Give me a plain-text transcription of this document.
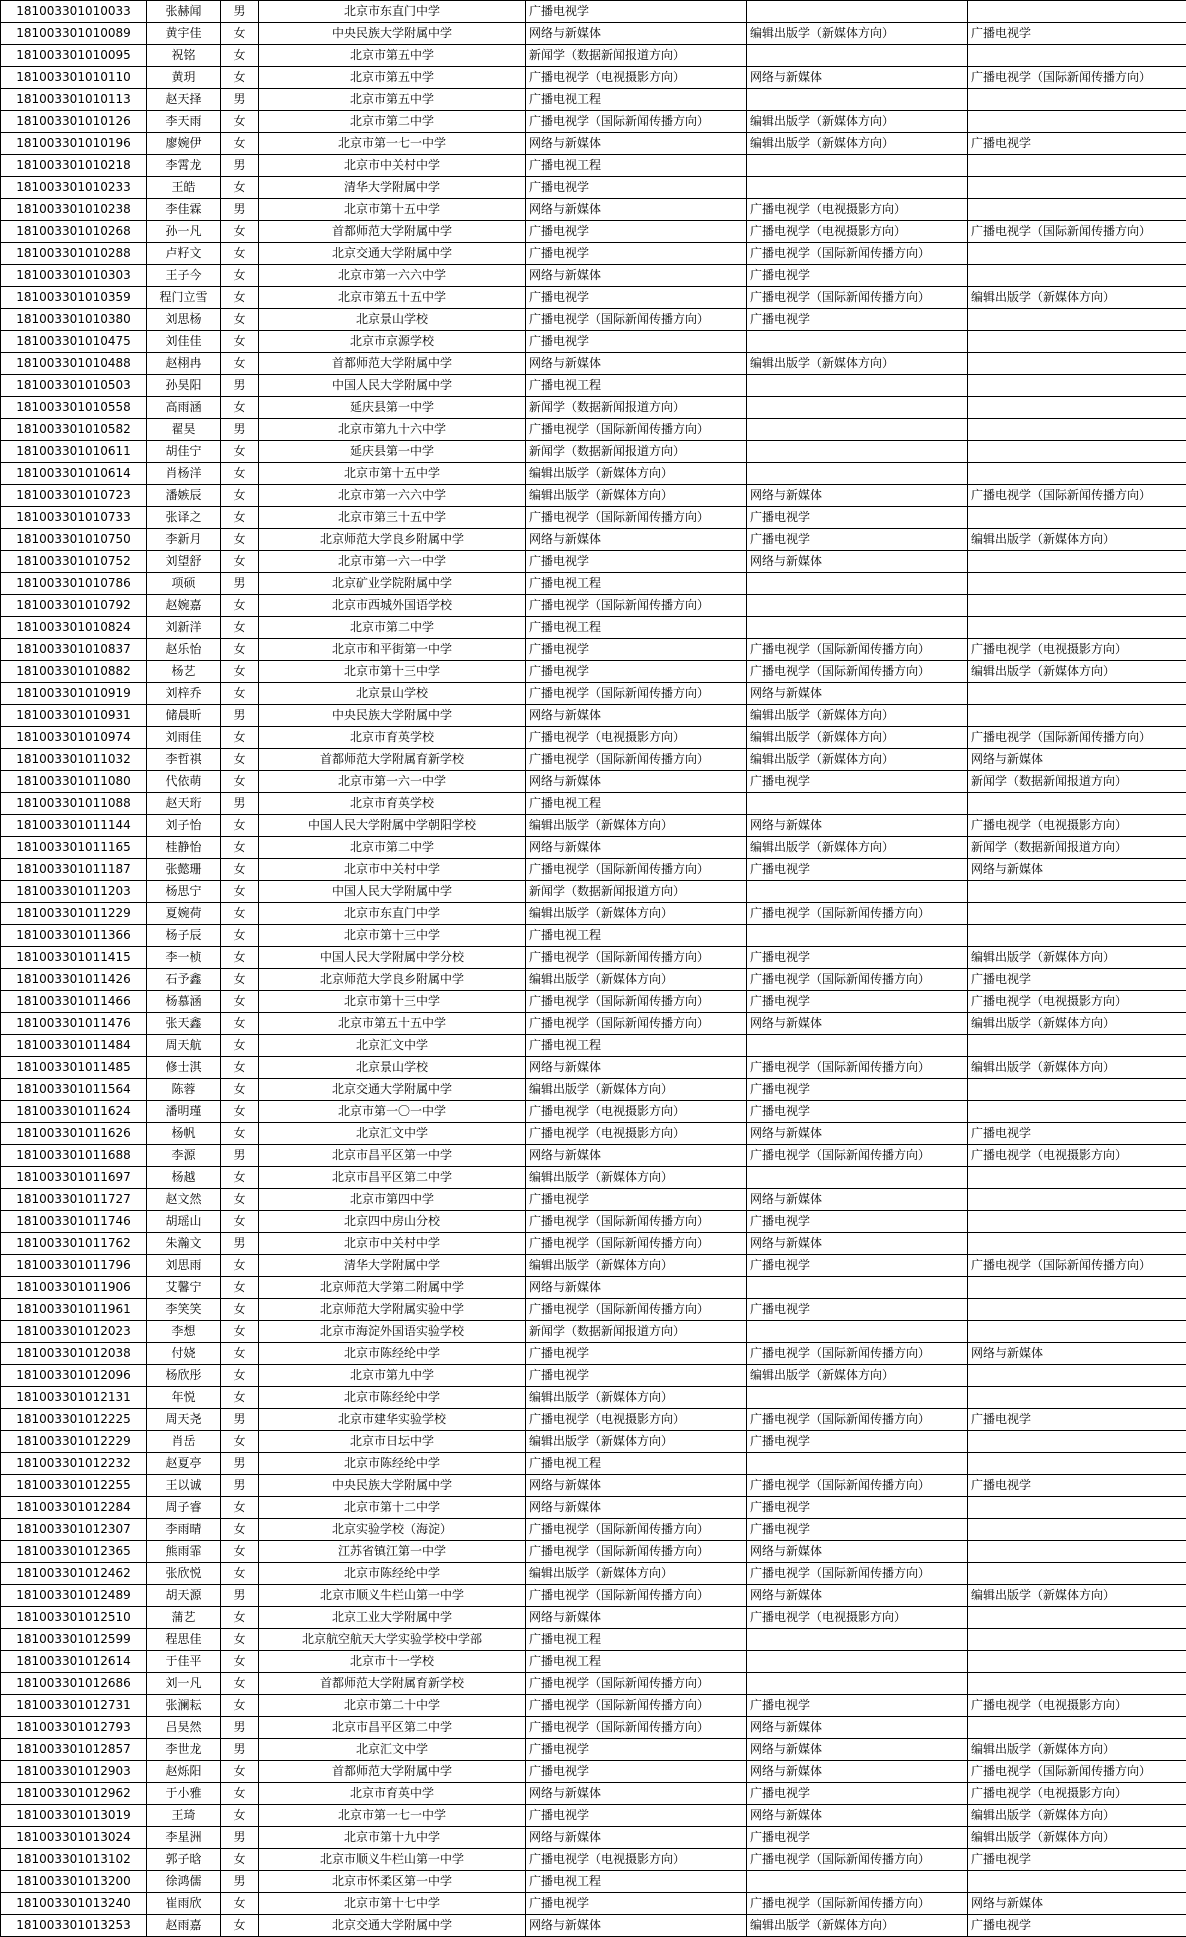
181003301010033	张赫闻	男	北京市东直门中学	广播电视学		
181003301010089	黄宇佳	女	中央民族大学附属中学	网络与新媒体	编辑出版学（新媒体方向）	广播电视学
181003301010095	祝铭	女	北京市第五中学	新闻学（数据新闻报道方向）		
181003301010110	黄玥	女	北京市第五中学	广播电视学（电视摄影方向）	网络与新媒体	广播电视学（国际新闻传播方向）
181003301010113	赵天择	男	北京市第五中学	广播电视工程		
181003301010126	李天雨	女	北京市第二中学	广播电视学（国际新闻传播方向）	编辑出版学（新媒体方向）	
181003301010196	廖婉伊	女	北京市第一七一中学	网络与新媒体	编辑出版学（新媒体方向）	广播电视学
181003301010218	李霄龙	男	北京市中关村中学	广播电视工程		
181003301010233	王皓	女	清华大学附属中学	广播电视学		
181003301010238	李佳霖	男	北京市第十五中学	网络与新媒体	广播电视学（电视摄影方向）	
181003301010268	孙一凡	女	首都师范大学附属中学	广播电视学	广播电视学（电视摄影方向）	广播电视学（国际新闻传播方向）
181003301010288	卢籽文	女	北京交通大学附属中学	广播电视学	广播电视学（国际新闻传播方向）	
181003301010303	王子今	女	北京市第一六六中学	网络与新媒体	广播电视学	
181003301010359	程门立雪	女	北京市第五十五中学	广播电视学	广播电视学（国际新闻传播方向）	编辑出版学（新媒体方向）
181003301010380	刘思杨	女	北京景山学校	广播电视学（国际新闻传播方向）	广播电视学	
181003301010475	刘佳佳	女	北京市京源学校	广播电视学		
181003301010488	赵栩冉	女	首都师范大学附属中学	网络与新媒体	编辑出版学（新媒体方向）	
181003301010503	孙昊阳	男	中国人民大学附属中学	广播电视工程		
181003301010558	高雨涵	女	延庆县第一中学	新闻学（数据新闻报道方向）		
181003301010582	翟昊	男	北京市第九十六中学	广播电视学（国际新闻传播方向）		
181003301010611	胡佳宁	女	延庆县第一中学	新闻学（数据新闻报道方向）		
181003301010614	肖杨洋	女	北京市第十五中学	编辑出版学（新媒体方向）		
181003301010723	潘嫉辰	女	北京市第一六六中学	编辑出版学（新媒体方向）	网络与新媒体	广播电视学（国际新闻传播方向）
181003301010733	张译之	女	北京市第三十五中学	广播电视学（国际新闻传播方向）	广播电视学	
181003301010750	李新月	女	北京师范大学良乡附属中学	网络与新媒体	广播电视学	编辑出版学（新媒体方向）
181003301010752	刘望舒	女	北京市第一六一中学	广播电视学	网络与新媒体	
181003301010786	项硕	男	北京矿业学院附属中学	广播电视工程		
181003301010792	赵婉嘉	女	北京市西城外国语学校	广播电视学（国际新闻传播方向）		
181003301010824	刘新洋	女	北京市第二中学	广播电视工程		
181003301010837	赵乐怡	女	北京市和平街第一中学	广播电视学	广播电视学（国际新闻传播方向）	广播电视学（电视摄影方向）
181003301010882	杨艺	女	北京市第十三中学	广播电视学	广播电视学（国际新闻传播方向）	编辑出版学（新媒体方向）
181003301010919	刘梓乔	女	北京景山学校	广播电视学（国际新闻传播方向）	网络与新媒体	
181003301010931	储晨昕	男	中央民族大学附属中学	网络与新媒体	编辑出版学（新媒体方向）	
181003301010974	刘雨佳	女	北京市育英学校	广播电视学（电视摄影方向）	编辑出版学（新媒体方向）	广播电视学（国际新闻传播方向）
181003301011032	李哲祺	女	首都师范大学附属育新学校	广播电视学（国际新闻传播方向）	编辑出版学（新媒体方向）	网络与新媒体
181003301011080	代依萌	女	北京市第一六一中学	网络与新媒体	广播电视学	新闻学（数据新闻报道方向）
181003301011088	赵天珩	男	北京市育英学校	广播电视工程		
181003301011144	刘子怡	女	中国人民大学附属中学朝阳学校	编辑出版学（新媒体方向）	网络与新媒体	广播电视学（电视摄影方向）
181003301011165	桂静怡	女	北京市第二中学	网络与新媒体	编辑出版学（新媒体方向）	新闻学（数据新闻报道方向）
181003301011187	张懿珊	女	北京市中关村中学	广播电视学（国际新闻传播方向）	广播电视学	网络与新媒体
181003301011203	杨思宁	女	中国人民大学附属中学	新闻学（数据新闻报道方向）		
181003301011229	夏婉荷	女	北京市东直门中学	编辑出版学（新媒体方向）	广播电视学（国际新闻传播方向）	
181003301011366	杨子辰	女	北京市第十三中学	广播电视工程		
181003301011415	李一桢	女	中国人民大学附属中学分校	广播电视学（国际新闻传播方向）	广播电视学	编辑出版学（新媒体方向）
181003301011426	石予鑫	女	北京师范大学良乡附属中学	编辑出版学（新媒体方向）	广播电视学（国际新闻传播方向）	广播电视学
181003301011466	杨慕涵	女	北京市第十三中学	广播电视学（国际新闻传播方向）	广播电视学	广播电视学（电视摄影方向）
181003301011476	张天鑫	女	北京市第五十五中学	广播电视学（国际新闻传播方向）	网络与新媒体	编辑出版学（新媒体方向）
181003301011484	周天航	女	北京汇文中学	广播电视工程		
181003301011485	修士淇	女	北京景山学校	网络与新媒体	广播电视学（国际新闻传播方向）	编辑出版学（新媒体方向）
181003301011564	陈蓉	女	北京交通大学附属中学	编辑出版学（新媒体方向）	广播电视学	
181003301011624	潘明瑾	女	北京市第一〇一中学	广播电视学（电视摄影方向）	广播电视学	
181003301011626	杨帆	女	北京汇文中学	广播电视学（电视摄影方向）	网络与新媒体	广播电视学
181003301011688	李源	男	北京市昌平区第一中学	网络与新媒体	广播电视学（国际新闻传播方向）	广播电视学（电视摄影方向）
181003301011697	杨越	女	北京市昌平区第二中学	编辑出版学（新媒体方向）		
181003301011727	赵文然	女	北京市第四中学	广播电视学	网络与新媒体	
181003301011746	胡瑶山	女	北京四中房山分校	广播电视学（国际新闻传播方向）	广播电视学	
181003301011762	朱瀚文	男	北京市中关村中学	广播电视学（国际新闻传播方向）	网络与新媒体	
181003301011796	刘思雨	女	清华大学附属中学	编辑出版学（新媒体方向）	广播电视学	广播电视学（国际新闻传播方向）
181003301011906	艾馨宁	女	北京师范大学第二附属中学	网络与新媒体		
181003301011961	李笑笑	女	北京师范大学附属实验中学	广播电视学（国际新闻传播方向）	广播电视学	
181003301012023	李想	女	北京市海淀外国语实验学校	新闻学（数据新闻报道方向）		
181003301012038	付娆	女	北京市陈经纶中学	广播电视学	广播电视学（国际新闻传播方向）	网络与新媒体
181003301012096	杨欣彤	女	北京市第九中学	广播电视学	编辑出版学（新媒体方向）	
181003301012131	年悦	女	北京市陈经纶中学	编辑出版学（新媒体方向）		
181003301012225	周天尧	男	北京市建华实验学校	广播电视学（电视摄影方向）	广播电视学（国际新闻传播方向）	广播电视学
181003301012229	肖岳	女	北京市日坛中学	编辑出版学（新媒体方向）	广播电视学	
181003301012232	赵夏亭	男	北京市陈经纶中学	广播电视工程		
181003301012255	王以诚	男	中央民族大学附属中学	网络与新媒体	广播电视学（国际新闻传播方向）	广播电视学
181003301012284	周子睿	女	北京市第十二中学	网络与新媒体	广播电视学	
181003301012307	李雨晴	女	北京实验学校（海淀）	广播电视学（国际新闻传播方向）	广播电视学	
181003301012365	熊雨霏	女	江苏省镇江第一中学	广播电视学（国际新闻传播方向）	网络与新媒体	
181003301012462	张欣悦	女	北京市陈经纶中学	编辑出版学（新媒体方向）	广播电视学（国际新闻传播方向）	
181003301012489	胡天源	男	北京市顺义牛栏山第一中学	广播电视学（国际新闻传播方向）	网络与新媒体	编辑出版学（新媒体方向）
181003301012510	蒲艺	女	北京工业大学附属中学	网络与新媒体	广播电视学（电视摄影方向）	
181003301012599	程思佳	女	北京航空航天大学实验学校中学部	广播电视工程		
181003301012614	于佳平	女	北京市十一学校	广播电视工程		
181003301012686	刘一凡	女	首都师范大学附属育新学校	广播电视学（国际新闻传播方向）		
181003301012731	张澜耘	女	北京市第二十中学	广播电视学（国际新闻传播方向）	广播电视学	广播电视学（电视摄影方向）
181003301012793	吕昊然	男	北京市昌平区第二中学	广播电视学（国际新闻传播方向）	网络与新媒体	
181003301012857	李世龙	男	北京汇文中学	广播电视学	网络与新媒体	编辑出版学（新媒体方向）
181003301012903	赵烁阳	女	首都师范大学附属中学	广播电视学	网络与新媒体	广播电视学（国际新闻传播方向）
181003301012962	于小雅	女	北京市育英中学	网络与新媒体	广播电视学	广播电视学（电视摄影方向）
181003301013019	王琦	女	北京市第一七一中学	广播电视学	网络与新媒体	编辑出版学（新媒体方向）
181003301013024	李星洲	男	北京市第十九中学	网络与新媒体	广播电视学	编辑出版学（新媒体方向）
181003301013102	郭子晗	女	北京市顺义牛栏山第一中学	广播电视学（电视摄影方向）	广播电视学（国际新闻传播方向）	广播电视学
181003301013200	徐鸿儒	男	北京市怀柔区第一中学	广播电视工程		
181003301013240	崔雨欣	女	北京市第十七中学	广播电视学	广播电视学（国际新闻传播方向）	网络与新媒体
181003301013253	赵雨嘉	女	北京交通大学附属中学	网络与新媒体	编辑出版学（新媒体方向）	广播电视学
